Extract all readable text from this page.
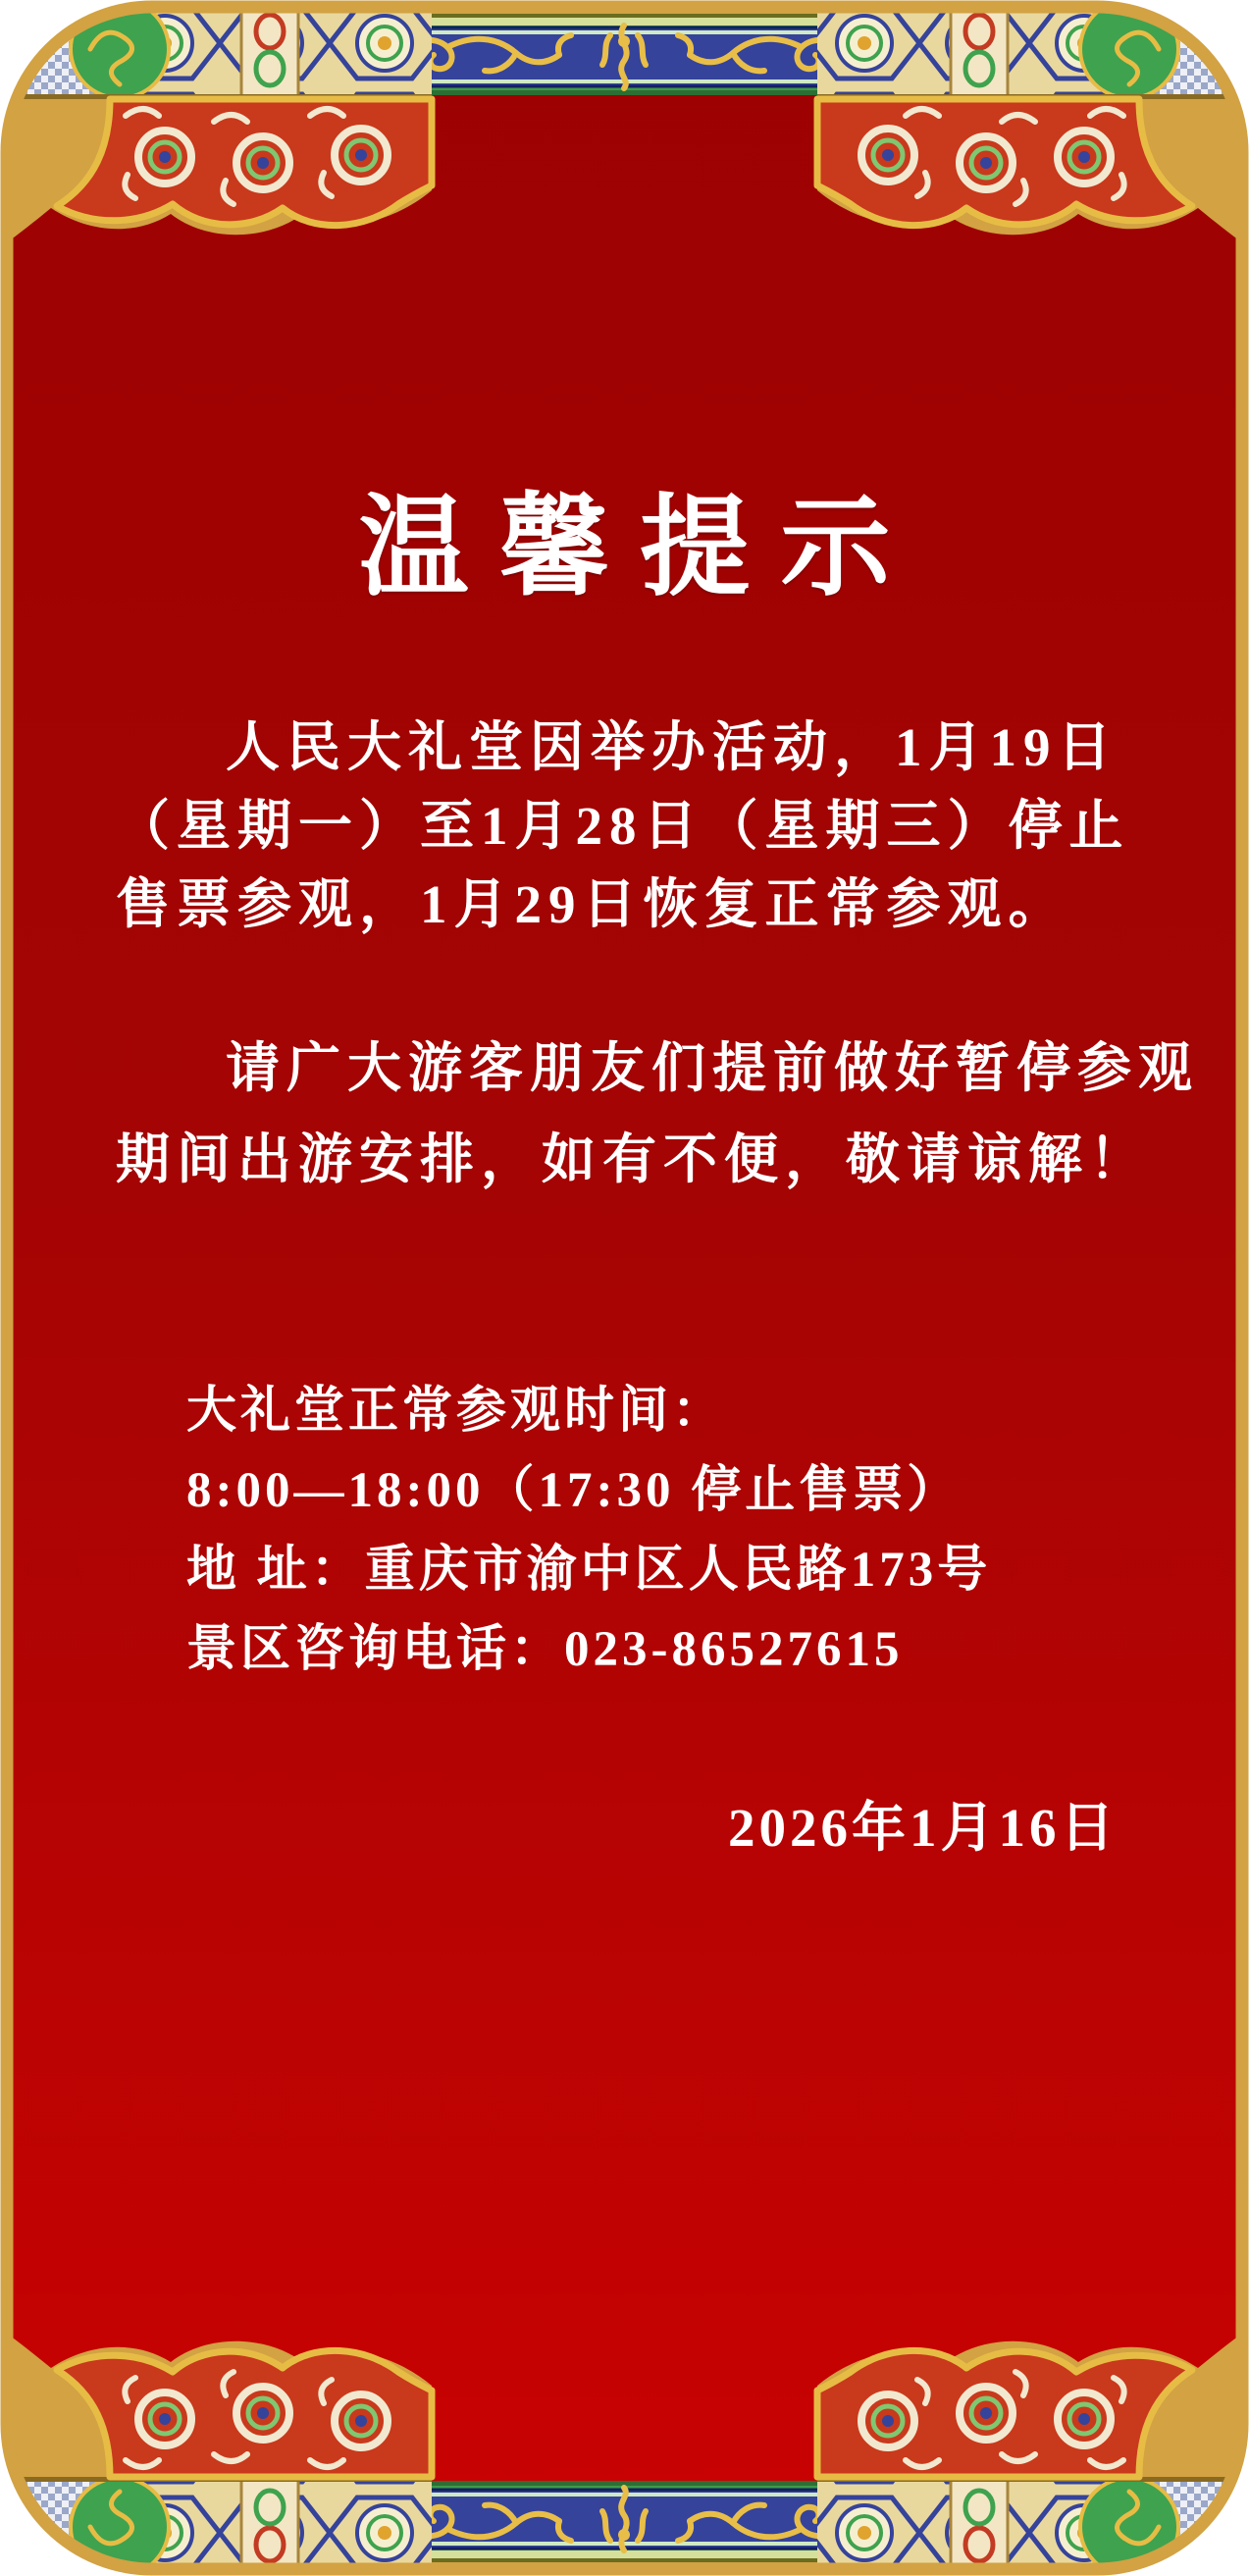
温馨提示
人民大礼堂因举办活动，1月19日
（星期一）至1月28日（星期三）停止
售票参观，1月29日恢复正常参观。
请广大游客朋友们提前做好暂停参观
期间出游安排，如有不便，敬请谅解！
大礼堂正常参观时间：
8:00—18:00（17:30 停止售票）
地 址：重庆市渝中区人民路173号
景区咨询电话：023-86527615
2026年1月16日
